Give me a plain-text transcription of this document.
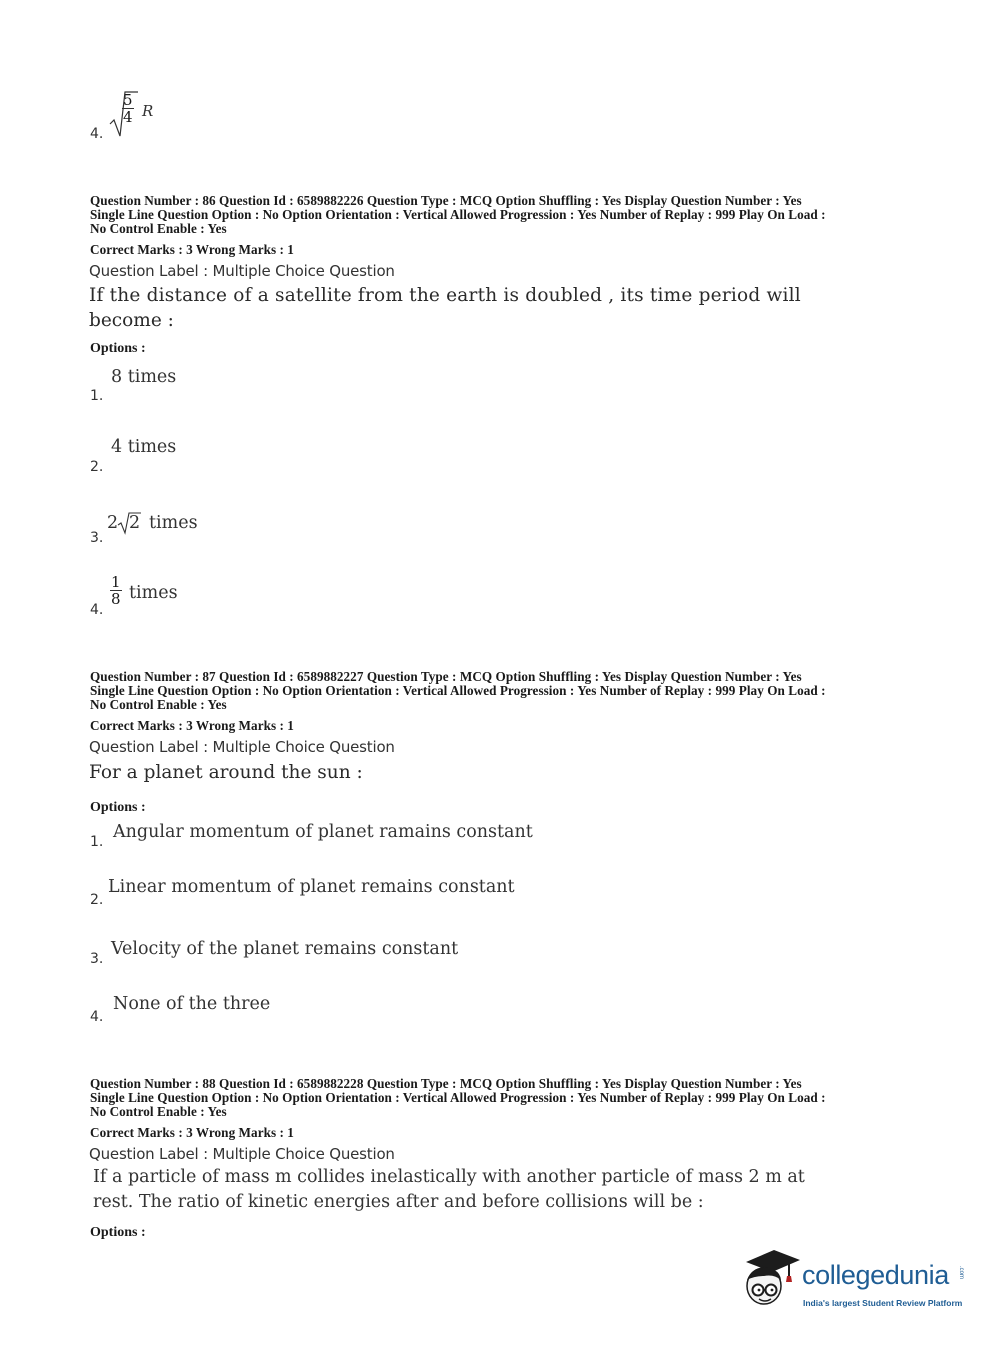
4.
$\frac{5}{4}$ R
Question Number : 86 Question Id : 6589882226 Question Type : MCQ Option Shuffling : Yes Display Question Number : Yes
Single Line Question Option : No Option Orientation : Vertical Allowed Progression : Yes Number of Replay : 999 Play On Load :
No Control Enable : Yes
Correct Marks : 3 Wrong Marks : 1
Question Label : Multiple Choice Question
If the distance of a satellite from the earth is doubled , its time period will
become :
Options :
1.
8 times
2.
4 times
3.
2 2 times
4.
$\frac{1}{8}$ times
Question Number : 87 Question Id : 6589882227 Question Type : MCQ Option Shuffling : Yes Display Question Number : Yes
Single Line Question Option : No Option Orientation : Vertical Allowed Progression : Yes Number of Replay : 999 Play On Load :
No Control Enable : Yes
Correct Marks : 3 Wrong Marks : 1
Question Label : Multiple Choice Question
For a planet around the sun :
Options :
1. Angular momentum of planet ramains constant
2.
Linear momentum of planet remains constant
3. Velocity of the planet remains constant
4.
None of the three
Question Number : 88 Question Id : 6589882228 Question Type : MCQ Option Shuffling : Yes Display Question Number : Yes
Single Line Question Option : No Option Orientation : Vertical Allowed Progression : Yes Number of Replay : 999 Play On Load :
No Control Enable : Yes
Correct Marks : 3 Wrong Marks : 1
Question Label : Multiple Choice Question
If a particle of mass m collides inelastically with another particle of mass 2 m at
rest. The ratio of kinetic energies after and before collisions will be :
Options :
collegedunia .com
India's largest Student Review Platform
